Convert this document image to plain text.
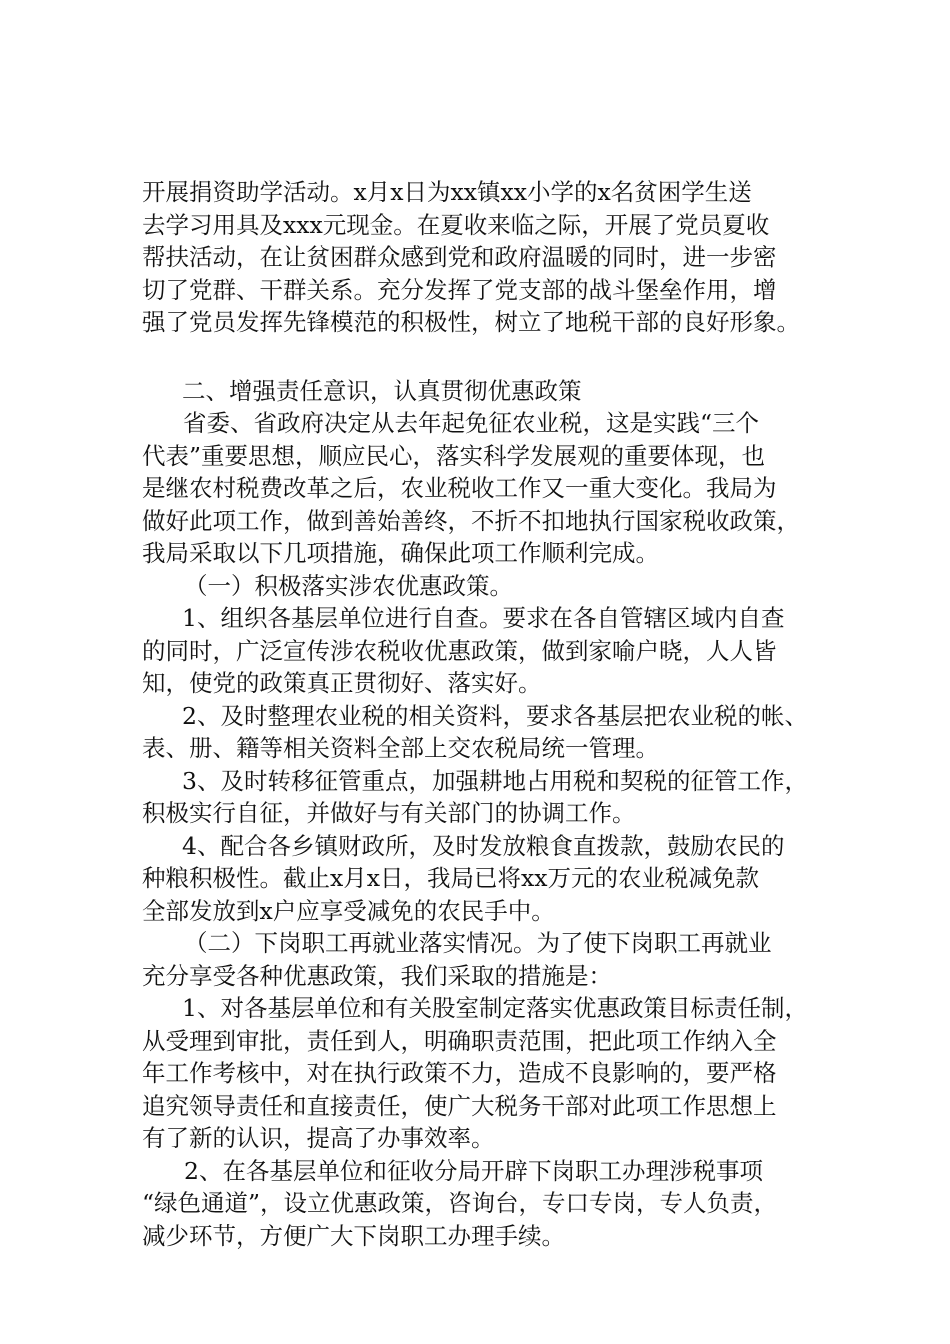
开展捐资助学活动。x月x日为xx镇xx小学的x名贫困学生送
去学习用具及xxx元现金。在夏收来临之际，开展了党员夏收
帮扶活动，在让贫困群众感到党和政府温暖的同时，进一步密
切了党群、干群关系。充分发挥了党支部的战斗堡垒作用，增
强了党员发挥先锋模范的积极性，树立了地税干部的良好形象。
二、增强责任意识，认真贯彻优惠政策
省委、省政府决定从去年起免征农业税，这是实践“三个
代表”重要思想，顺应民心，落实科学发展观的重要体现，也
是继农村税费改革之后，农业税收工作又一重大变化。我局为
做好此项工作，做到善始善终，不折不扣地执行国家税收政策，
我局采取以下几项措施，确保此项工作顺利完成。
（一）积极落实涉农优惠政策。
1、组织各基层单位进行自查。要求在各自管辖区域内自查
的同时，广泛宣传涉农税收优惠政策，做到家喻户晓，人人皆
知，使党的政策真正贯彻好、落实好。
2、及时整理农业税的相关资料，要求各基层把农业税的帐、
表、册、籍等相关资料全部上交农税局统一管理。
3、及时转移征管重点，加强耕地占用税和契税的征管工作，
积极实行自征，并做好与有关部门的协调工作。
4、配合各乡镇财政所，及时发放粮食直拨款，鼓励农民的
种粮积极性。截止x月x日，我局已将xx万元的农业税减免款
全部发放到x户应享受减免的农民手中。
（二）下岗职工再就业落实情况。为了使下岗职工再就业
充分享受各种优惠政策，我们采取的措施是：
1、对各基层单位和有关股室制定落实优惠政策目标责任制，
从受理到审批，责任到人，明确职责范围，把此项工作纳入全
年工作考核中，对在执行政策不力，造成不良影响的，要严格
追究领导责任和直接责任，使广大税务干部对此项工作思想上
有了新的认识，提高了办事效率。
2、在各基层单位和征收分局开辟下岗职工办理涉税事项
“绿色通道”，设立优惠政策，咨询台，专口专岗，专人负责，
减少环节，方便广大下岗职工办理手续。
